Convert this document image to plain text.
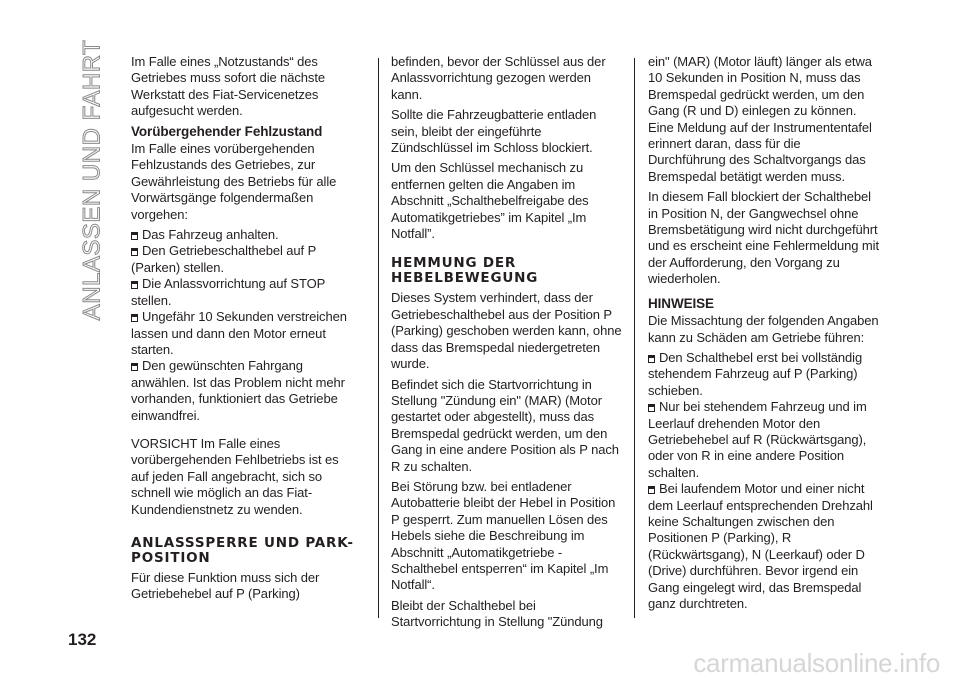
ANLASSEN UND FAHRT
132

Im Falle eines „Notzustands“ des Getriebes muss sofort die nächste Werkstatt des Fiat-Servicenetzes aufgesucht werden.

Vorübergehender Fehlzustand

Im Falle eines vorübergehenden Fehlzustands des Getriebes, zur Gewährleistung des Betriebs für alle Vorwärtsgänge folgendermaßen vorgehen:

Das Fahrzeug anhalten.

Den Getriebeschalthebel auf P (Parken) stellen.

Die Anlassvorrichtung auf STOP stellen.

Ungefähr 10 Sekunden verstreichen lassen und dann den Motor erneut starten.

Den gewünschten Fahrgang anwählen. Ist das Problem nicht mehr vorhanden, funktioniert das Getriebe einwandfrei.

VORSICHT Im Falle eines vorübergehenden Fehlbetriebs ist es auf jeden Fall angebracht, sich so schnell wie möglich an das Fiat-Kundendienstnetz zu wenden.

ANLASSSPERRE UND PARK-POSITION

Für diese Funktion muss sich der Getriebehebel auf P (Parking)

befinden, bevor der Schlüssel aus der Anlassvorrichtung gezogen werden kann.

Sollte die Fahrzeugbatterie entladen sein, bleibt der eingeführte Zündschlüssel im Schloss blockiert.

Um den Schlüssel mechanisch zu entfernen gelten die Angaben im Abschnitt „Schalthebelfreigabe des Automatikgetriebes” im Kapitel „Im Notfall”.

HEMMUNG DER HEBELBEWEGUNG

Dieses System verhindert, dass der Getriebeschalthebel aus der Position P (Parking) geschoben werden kann, ohne dass das Bremspedal niedergetreten wurde.

Befindet sich die Startvorrichtung in Stellung "Zündung ein" (MAR) (Motor gestartet oder abgestellt), muss das Bremspedal gedrückt werden, um den Gang in eine andere Position als P nach R zu schalten.

Bei Störung bzw. bei entladener Autobatterie bleibt der Hebel in Position P gesperrt. Zum manuellen Lösen des Hebels siehe die Beschreibung im Abschnitt „Automatikgetriebe - Schalthebel entsperren“ im Kapitel „Im Notfall“.

Bleibt der Schalthebel bei Startvorrichtung in Stellung "Zündung

ein" (MAR) (Motor läuft) länger als etwa 10 Sekunden in Position N, muss das Bremspedal gedrückt werden, um den Gang (R und D) einlegen zu können. Eine Meldung auf der Instrumententafel erinnert daran, dass für die Durchführung des Schaltvorgangs das Bremspedal betätigt werden muss.

In diesem Fall blockiert der Schalthebel in Position N, der Gangwechsel ohne Bremsbetätigung wird nicht durchgeführt und es erscheint eine Fehlermeldung mit der Aufforderung, den Vorgang zu wiederholen.

HINWEISE

Die Missachtung der folgenden Angaben kann zu Schäden am Getriebe führen:

Den Schalthebel erst bei vollständig stehendem Fahrzeug auf P (Parking) schieben.

Nur bei stehendem Fahrzeug und im Leerlauf drehenden Motor den Getriebehebel auf R (Rückwärtsgang), oder von R in eine andere Position schalten.

Bei laufendem Motor und einer nicht dem Leerlauf entsprechenden Drehzahl keine Schaltungen zwischen den Positionen P (Parking), R (Rückwärtsgang), N (Leerkauf) oder D (Drive) durchführen. Bevor irgend ein Gang eingelegt wird, das Bremspedal ganz durchtreten.

carmanualsonline.info
